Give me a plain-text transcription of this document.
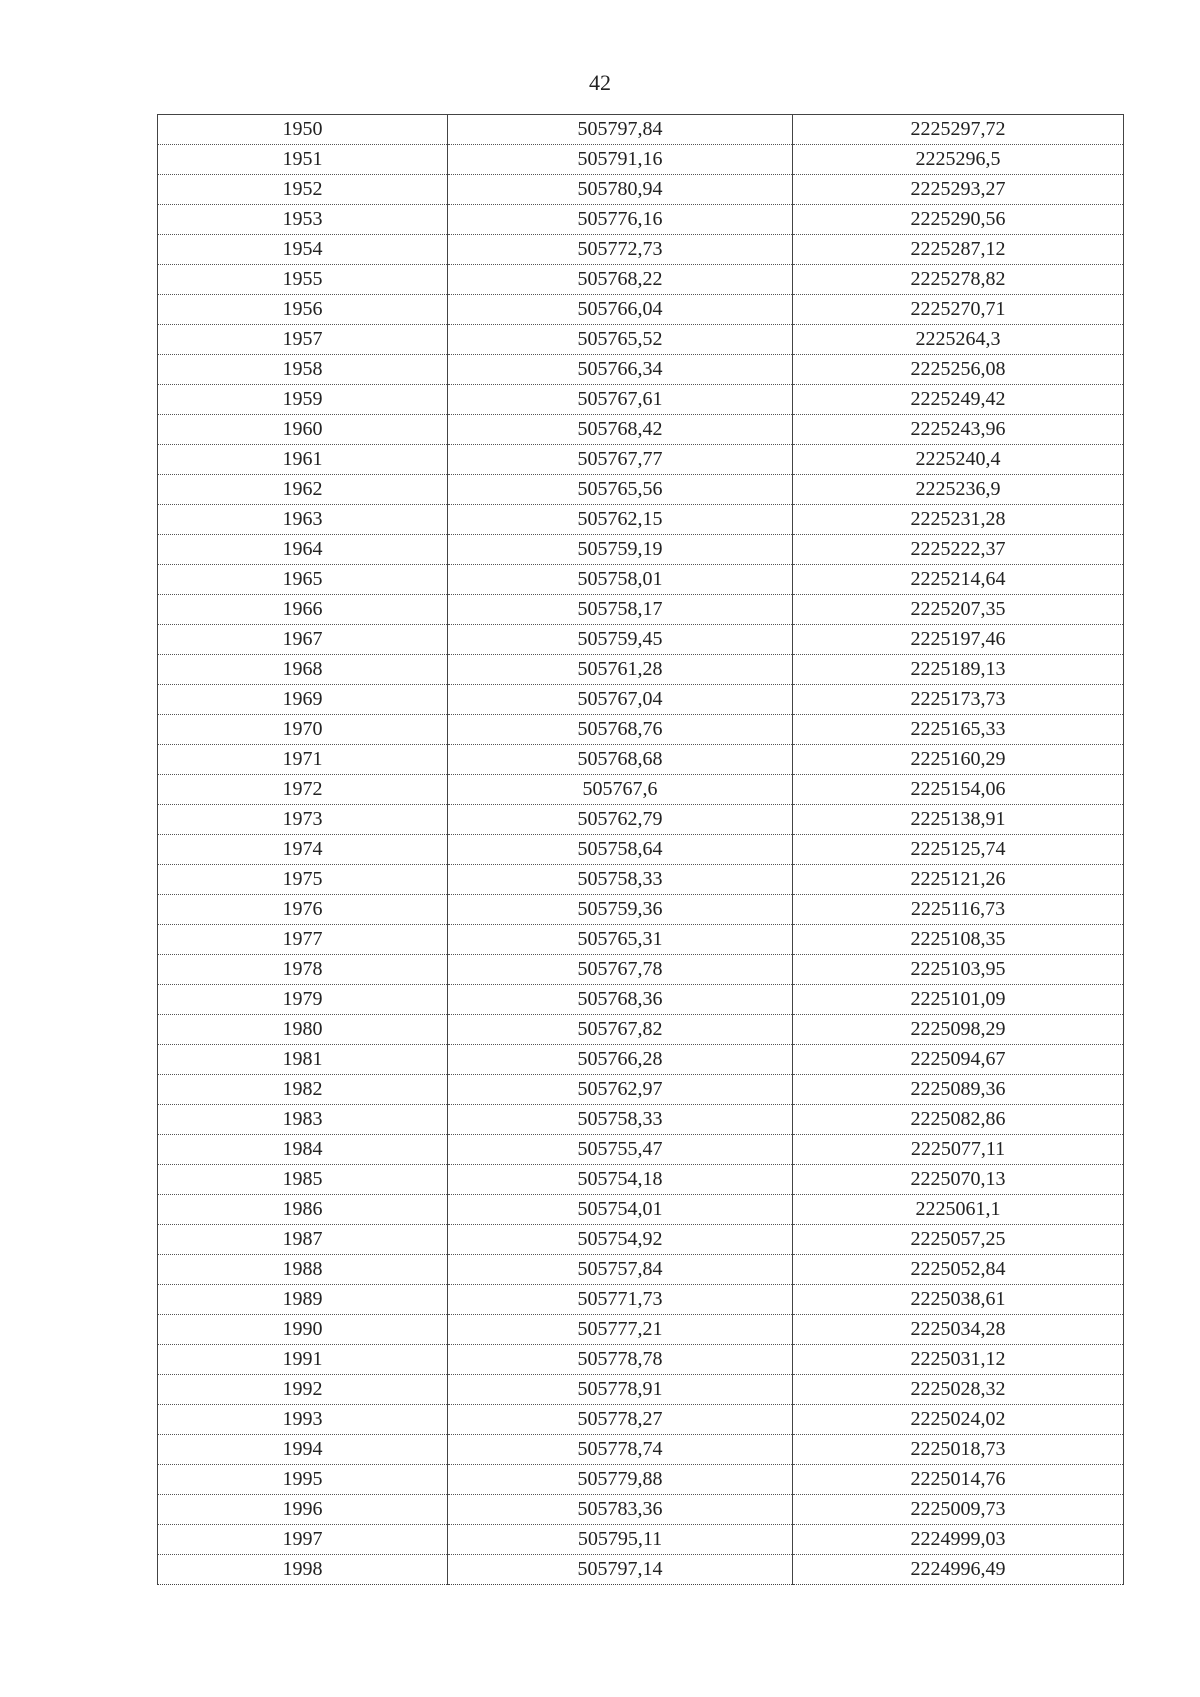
42
1950	505797,84	2225297,72
1951	505791,16	2225296,5
1952	505780,94	2225293,27
1953	505776,16	2225290,56
1954	505772,73	2225287,12
1955	505768,22	2225278,82
1956	505766,04	2225270,71
1957	505765,52	2225264,3
1958	505766,34	2225256,08
1959	505767,61	2225249,42
1960	505768,42	2225243,96
1961	505767,77	2225240,4
1962	505765,56	2225236,9
1963	505762,15	2225231,28
1964	505759,19	2225222,37
1965	505758,01	2225214,64
1966	505758,17	2225207,35
1967	505759,45	2225197,46
1968	505761,28	2225189,13
1969	505767,04	2225173,73
1970	505768,76	2225165,33
1971	505768,68	2225160,29
1972	505767,6	2225154,06
1973	505762,79	2225138,91
1974	505758,64	2225125,74
1975	505758,33	2225121,26
1976	505759,36	2225116,73
1977	505765,31	2225108,35
1978	505767,78	2225103,95
1979	505768,36	2225101,09
1980	505767,82	2225098,29
1981	505766,28	2225094,67
1982	505762,97	2225089,36
1983	505758,33	2225082,86
1984	505755,47	2225077,11
1985	505754,18	2225070,13
1986	505754,01	2225061,1
1987	505754,92	2225057,25
1988	505757,84	2225052,84
1989	505771,73	2225038,61
1990	505777,21	2225034,28
1991	505778,78	2225031,12
1992	505778,91	2225028,32
1993	505778,27	2225024,02
1994	505778,74	2225018,73
1995	505779,88	2225014,76
1996	505783,36	2225009,73
1997	505795,11	2224999,03
1998	505797,14	2224996,49
